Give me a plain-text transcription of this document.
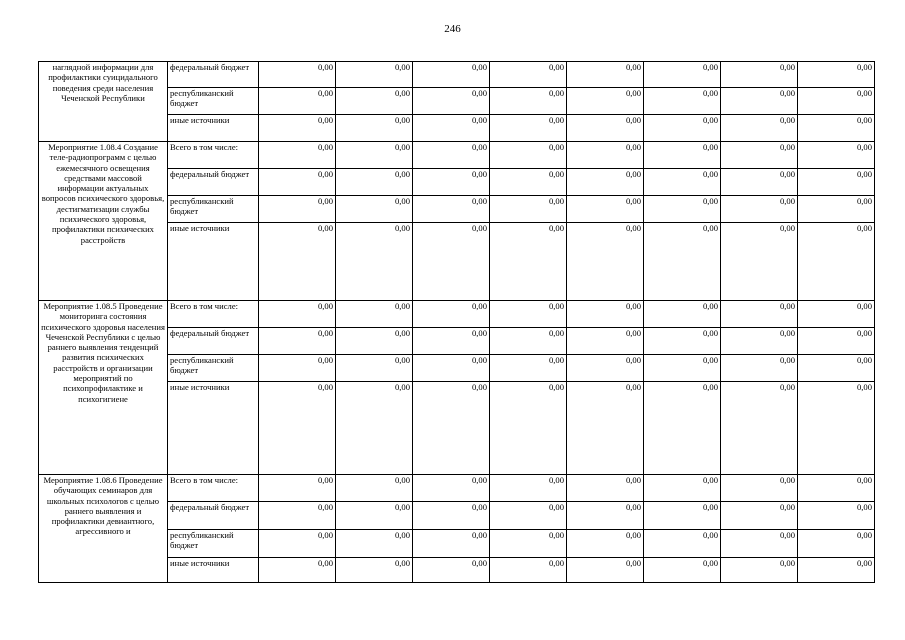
246
наглядной информации для профилактики суицидального поведения среди населения Чеченской Республики	федеральный бюджет	0,00	0,00	0,00	0,00	0,00	0,00	0,00	0,00
	республиканский бюджет	0,00	0,00	0,00	0,00	0,00	0,00	0,00	0,00
	иные источники	0,00	0,00	0,00	0,00	0,00	0,00	0,00	0,00
Мероприятие 1.08.4 Создание теле-радиопрограмм с целью ежемесячного освещения средствами массовой информации актуальных вопросов психического здоровья, дестигматизации службы психического здоровья, профилактики психических расстройств	Всего в том числе:	0,00	0,00	0,00	0,00	0,00	0,00	0,00	0,00
	федеральный бюджет	0,00	0,00	0,00	0,00	0,00	0,00	0,00	0,00
	республиканский бюджет	0,00	0,00	0,00	0,00	0,00	0,00	0,00	0,00
	иные источники	0,00	0,00	0,00	0,00	0,00	0,00	0,00	0,00
Мероприятие 1.08.5 Проведение мониторинга состояния психического здоровья населения Чеченской Республики с целью раннего выявления тенденций развития психических расстройств и организации мероприятий по психопрофилактике и психогигиене	Всего в том числе:	0,00	0,00	0,00	0,00	0,00	0,00	0,00	0,00
	федеральный бюджет	0,00	0,00	0,00	0,00	0,00	0,00	0,00	0,00
	республиканский бюджет	0,00	0,00	0,00	0,00	0,00	0,00	0,00	0,00
	иные источники	0,00	0,00	0,00	0,00	0,00	0,00	0,00	0,00
Мероприятие 1.08.6 Проведение обучающих семинаров для школьных психологов с целью раннего выявления и профилактики девиантного, агрессивного и	Всего в том числе:	0,00	0,00	0,00	0,00	0,00	0,00	0,00	0,00
	федеральный бюджет	0,00	0,00	0,00	0,00	0,00	0,00	0,00	0,00
	республиканский бюджет	0,00	0,00	0,00	0,00	0,00	0,00	0,00	0,00
	иные источники	0,00	0,00	0,00	0,00	0,00	0,00	0,00	0,00
